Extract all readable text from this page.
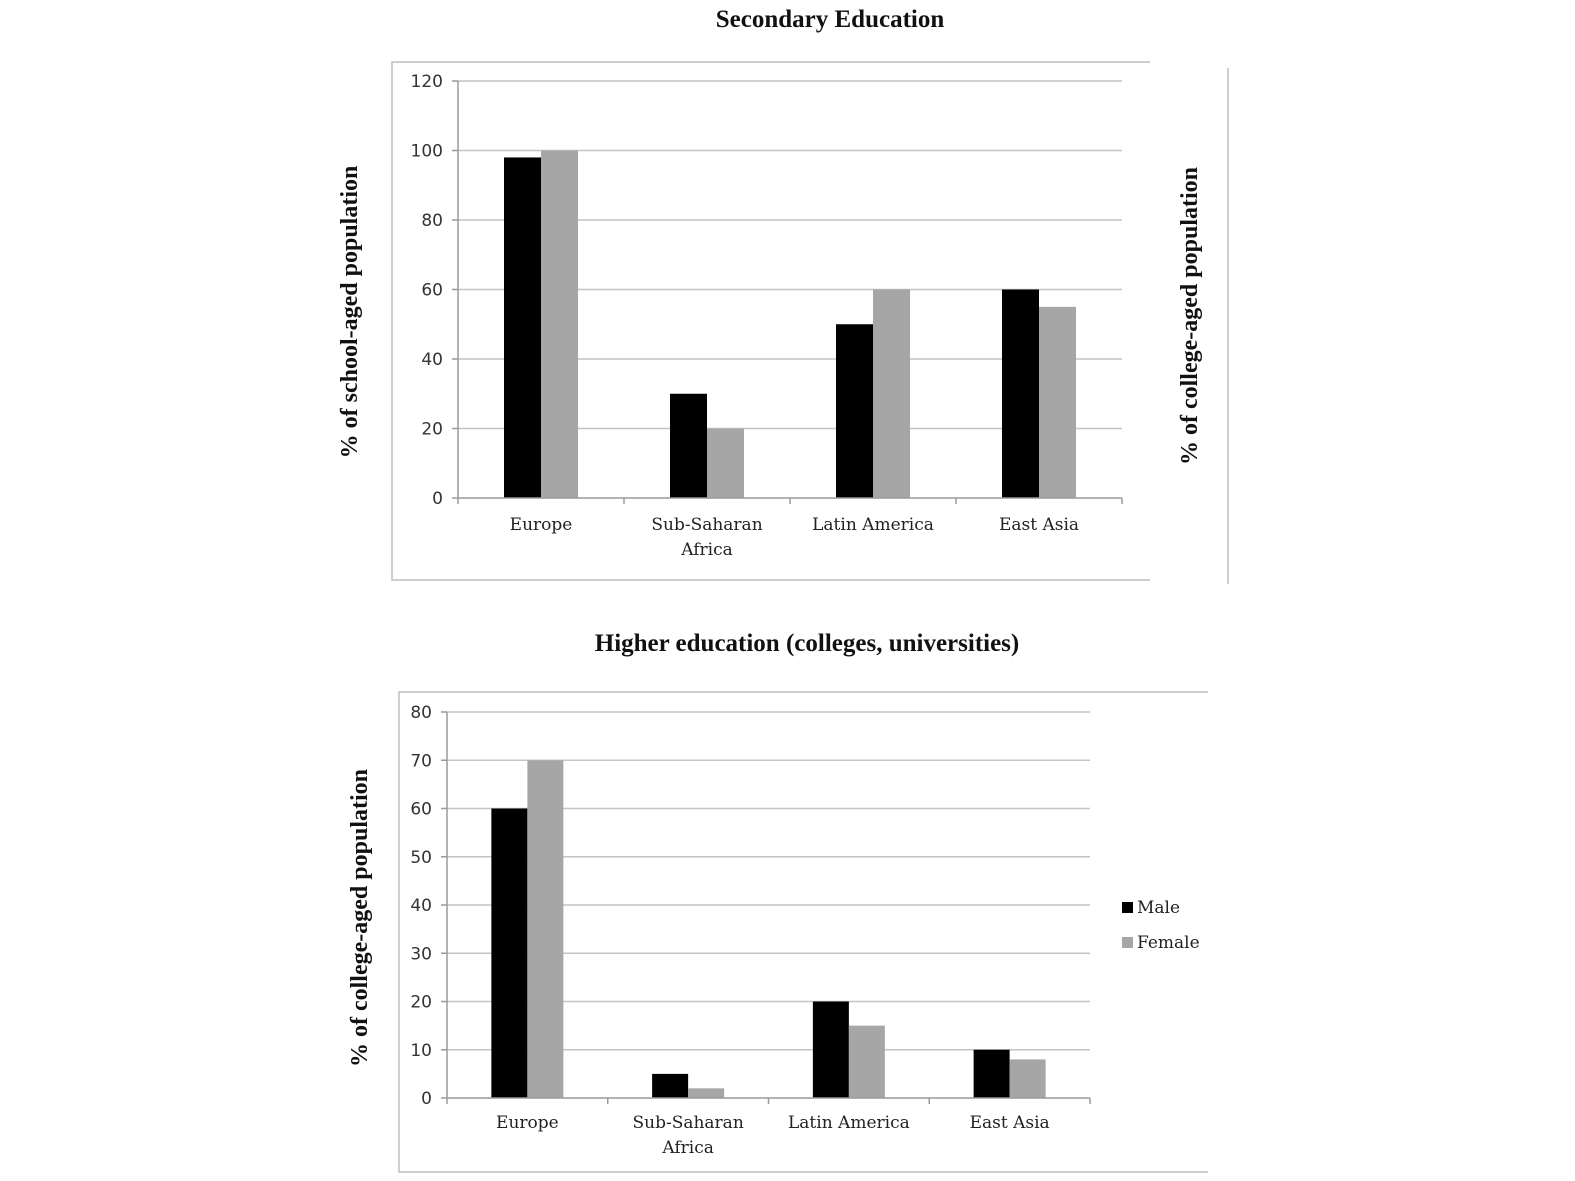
Secondary Education
% of school-aged population	% of college-aged population
0
20
40
60
80
100
120
Europe	Sub-Saharan
Africa
Latin America	East Asia
Higher education (colleges, universities)
% of college-aged population
0
10
20
30
40
50
60
70
80
Europe	Sub-Saharan
Africa
Latin America	East Asia
Male
Female
